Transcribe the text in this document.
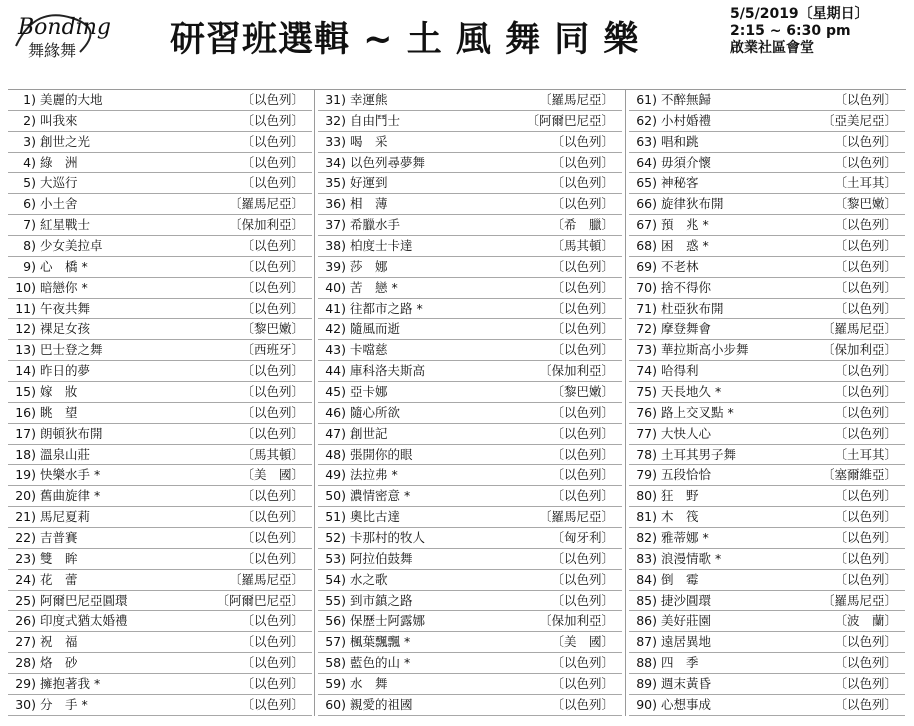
Bonding
舞緣舞	研習班選輯 ~ 土 風 舞 同 樂
5/5/2019〔星期日〕
2:15 ~ 6:30 pm
啟業社區會堂
1) 美麗的大地	〔以色列〕
2) 叫我來	〔以色列〕
3) 創世之光	〔以色列〕
4) 綠　洲	〔以色列〕
5) 大巡行	〔以色列〕
6) 小土舍	〔羅馬尼亞〕
7) 紅星戰士	〔保加利亞〕
8) 少女美拉卓	〔以色列〕
9) 心　橋 *	〔以色列〕
10) 暗戀你 *	〔以色列〕
11) 午夜共舞	〔以色列〕
12) 裸足女孩	〔黎巴嫩〕
13) 巴士登之舞	〔西班牙〕
14) 昨日的夢	〔以色列〕
15) 嫁　妝	〔以色列〕
16) 眺　望	〔以色列〕
17) 朗頓狄布開	〔以色列〕
18) 溫泉山莊	〔馬其頓〕
19) 快樂水手 *	〔美　國〕
20) 舊曲旋律 *	〔以色列〕
21) 馬尼夏莉	〔以色列〕
22) 吉普賽	〔以色列〕
23) 雙　眸	〔以色列〕
24) 花　蕾	〔羅馬尼亞〕
25) 阿爾巴尼亞圓環	〔阿爾巴尼亞〕
26) 印度式猶太婚禮	〔以色列〕
27) 祝　福	〔以色列〕
28) 烙　砂	〔以色列〕
29) 擁抱著我 *	〔以色列〕
30) 分　手 *	〔以色列〕
31) 幸運熊	〔羅馬尼亞〕
32) 自由鬥士	〔阿爾巴尼亞〕
33) 喝　采	〔以色列〕
34) 以色列尋夢舞	〔以色列〕
35) 好運到	〔以色列〕
36) 相　薄	〔以色列〕
37) 希臘水手	〔希　臘〕
38) 柏度士卡達	〔馬其頓〕
39) 莎　娜	〔以色列〕
40) 苦　戀 *	〔以色列〕
41) 往都市之路 *	〔以色列〕
42) 隨風而逝	〔以色列〕
43) 卡噹慈	〔以色列〕
44) 庫科洛夫斯高	〔保加利亞〕
45) 亞卡娜	〔黎巴嫩〕
46) 隨心所欲	〔以色列〕
47) 創世記	〔以色列〕
48) 張開你的眼	〔以色列〕
49) 法拉弗 *	〔以色列〕
50) 濃情密意 *	〔以色列〕
51) 奧比古達	〔羅馬尼亞〕
52) 卡那村的牧人	〔匈牙利〕
53) 阿拉伯鼓舞	〔以色列〕
54) 水之歌	〔以色列〕
55) 到市鎮之路	〔以色列〕
56) 保歷士阿露娜	〔保加利亞〕
57) 楓葉飄飄 *	〔美　國〕
58) 藍色的山 *	〔以色列〕
59) 水　舞	〔以色列〕
60) 親愛的祖國	〔以色列〕
61) 不醉無歸	〔以色列〕
62) 小村婚禮	〔亞美尼亞〕
63) 唱和跳	〔以色列〕
64) 毋須介懷	〔以色列〕
65) 神秘客	〔土耳其〕
66) 旋律狄布開	〔黎巴嫩〕
67) 預　兆 *	〔以色列〕
68) 困　惑 *	〔以色列〕
69) 不老林	〔以色列〕
70) 捨不得你	〔以色列〕
71) 杜亞狄布開	〔以色列〕
72) 摩登舞會	〔羅馬尼亞〕
73) 華拉斯高小步舞	〔保加利亞〕
74) 哈得利	〔以色列〕
75) 天長地久 *	〔以色列〕
76) 路上交叉點 *	〔以色列〕
77) 大快人心	〔以色列〕
78) 土耳其男子舞	〔土耳其〕
79) 五段恰恰	〔塞爾維亞〕
80) 狂　野	〔以色列〕
81) 木　筏	〔以色列〕
82) 雅蒂娜 *	〔以色列〕
83) 浪漫情歌 *	〔以色列〕
84) 倒　霉	〔以色列〕
85) 捷沙圓環	〔羅馬尼亞〕
86) 美好莊園	〔波　蘭〕
87) 遠居異地	〔以色列〕
88) 四　季	〔以色列〕
89) 週末黃昏	〔以色列〕
90) 心想事成	〔以色列〕
